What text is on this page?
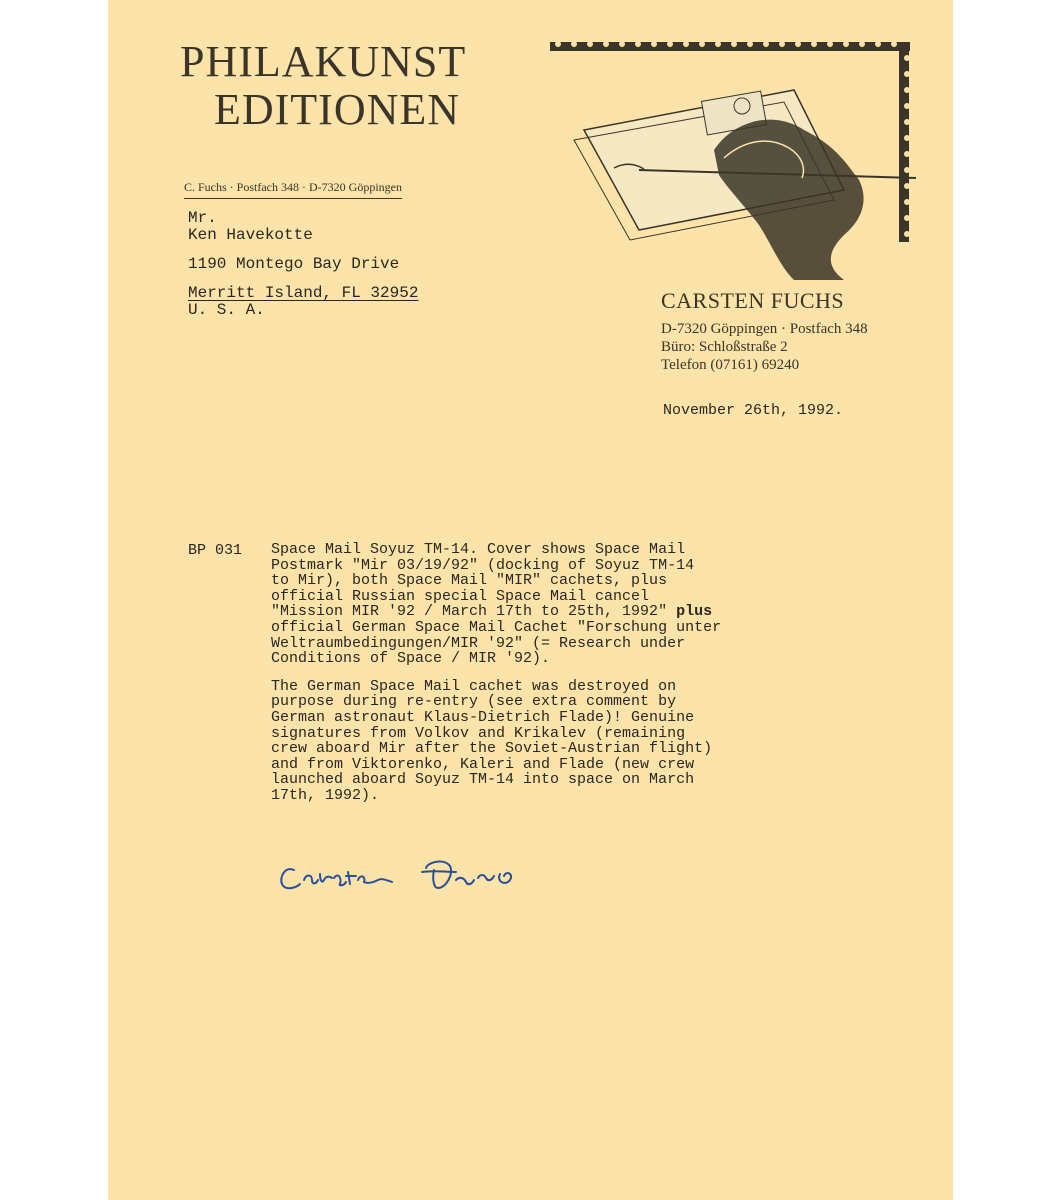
PHILAKUNST
EDITIONEN
C. Fuchs · Postfach 348 · D-7320 Göppingen
Mr.
Ken Havekotte
1190 Montego Bay Drive
Merritt Island, FL 32952
U. S. A.	CARSTEN FUCHS
D-7320 Göppingen · Postfach 348
Büro: Schloßstraße 2
Telefon (07161) 69240
November 26th, 1992.
BP 031 Space Mail Soyuz TM-14. Cover shows Space Mail
Postmark "Mir 03/19/92" (docking of Soyuz TM-14
to Mir), both Space Mail "MIR" cachets, plus
official Russian special Space Mail cancel
"Mission MIR '92 / March 17th to 25th, 1992" plus
official German Space Mail Cachet "Forschung unter
Weltraumbedingungen/MIR '92" (= Research under
Conditions of Space / MIR '92).

The German Space Mail cachet was destroyed on
purpose during re-entry (see extra comment by
German astronaut Klaus-Dietrich Flade)! Genuine
signatures from Volkov and Krikalev (remaining
crew aboard Mir after the Soviet-Austrian flight)
and from Viktorenko, Kaleri and Flade (new crew
launched aboard Soyuz TM-14 into space on March
17th, 1992).
